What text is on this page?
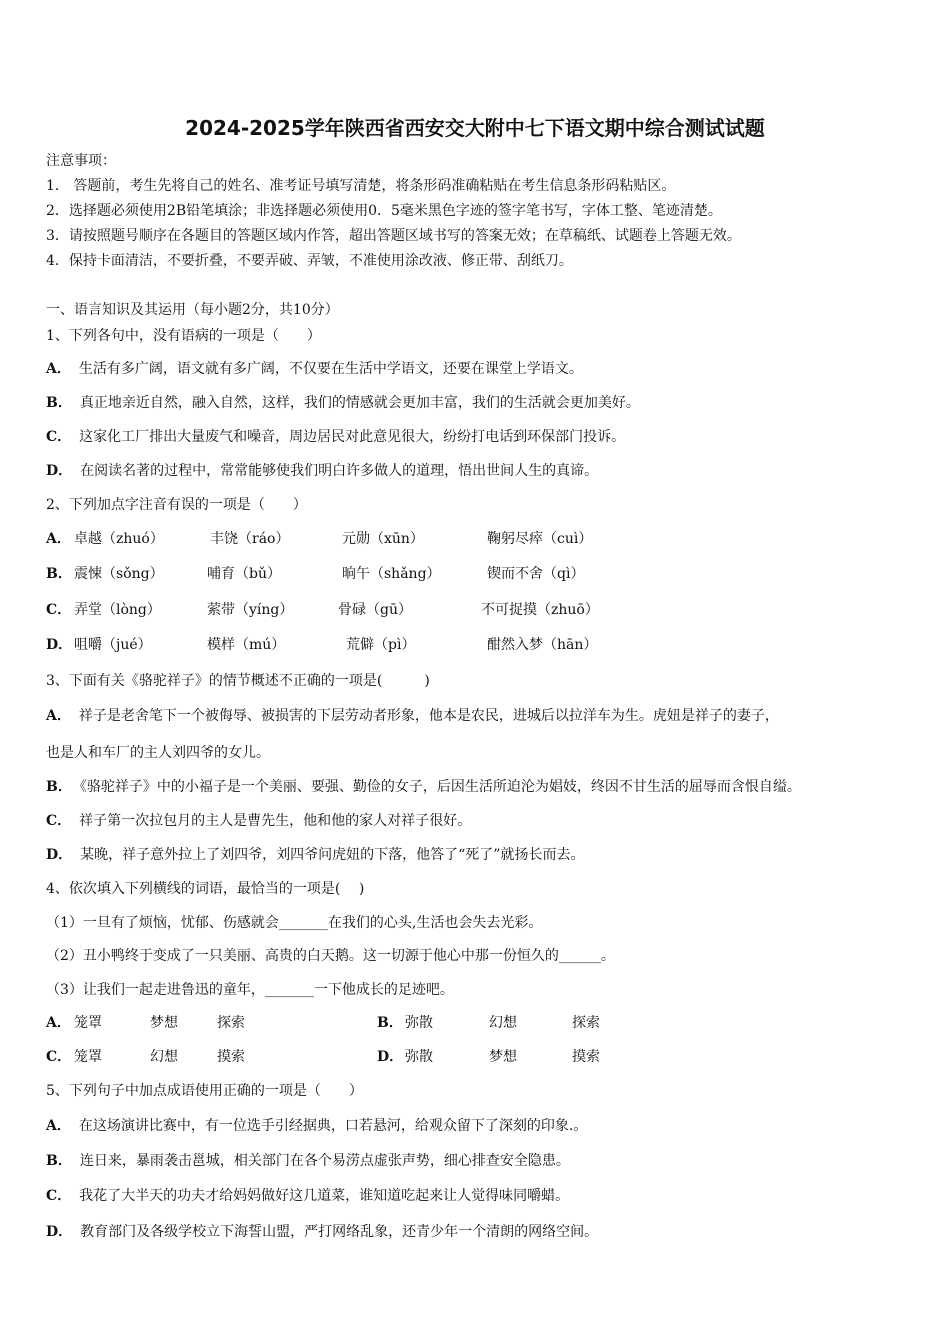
2024-2025学年陕西省西安交大附中七下语文期中综合测试试题
注意事项：
1． 答题前，考生先将自己的姓名、准考证号填写清楚，将条形码准确粘贴在考生信息条形码粘贴区。
2．选择题必须使用2B铅笔填涂；非选择题必须使用0．5毫米黑色字迹的签字笔书写，字体工整、笔迹清楚。
3．请按照题号顺序在各题目的答题区域内作答，超出答题区域书写的答案无效；在草稿纸、试题卷上答题无效。
4．保持卡面清洁，不要折叠，不要弄破、弄皱，不准使用涂改液、修正带、刮纸刀。
一、语言知识及其运用（每小题2分，共10分）
1、下列各句中，没有语病的一项是（　　）
A． 生活有多广阔，语文就有多广阔，不仅要在生活中学语文，还要在课堂上学语文。
B． 真正地亲近自然，融入自然，这样，我们的情感就会更加丰富，我们的生活就会更加美好。
C． 这家化工厂排出大量废气和噪音，周边居民对此意见很大，纷纷打电话到环保部门投诉。
D． 在阅读名著的过程中，常常能够使我们明白许多做人的道理，悟出世间人生的真谛。
2、下列加点字注音有误的一项是（　　）
A． 卓越（zhuó）	丰饶（ráo）	元勋（xūn）	鞠躬尽瘁（cuì）
B． 震悚（sǒng）	哺育（bǔ）	晌午（shǎng）	锲而不舍（qì）
C． 弄堂（lòng）	萦带（yíng）	骨碌（gū）	不可捉摸（zhuō）
D． 咀嚼（jué）	模样（mú）	荒僻（pì）	酣然入梦（hān）
3、下面有关《骆驼祥子》的情节概述不正确的一项是(　　　)
A． 祥子是老舍笔下一个被侮辱、被损害的下层劳动者形象，他本是农民，进城后以拉洋车为生。虎妞是祥子的妻子，
也是人和车厂的主人刘四爷的女儿。
B． 《骆驼祥子》中的小福子是一个美丽、要强、勤俭的女子，后因生活所迫沦为娼妓，终因不甘生活的屈辱而含恨自缢。
C． 祥子第一次拉包月的主人是曹先生，他和他的家人对祥子很好。
D． 某晚，祥子意外拉上了刘四爷，刘四爷问虎妞的下落，他答了“死了”就扬长而去。
4、依次填入下列横线的词语，最恰当的一项是(　 )
（1）一旦有了烦恼，忧郁、伤感就会_______在我们的心头,生活也会失去光彩。
（2）丑小鸭终于变成了一只美丽、高贵的白天鹅。这一切源于他心中那一份恒久的______。
（3）让我们一起走进鲁迅的童年，_______一下他成长的足迹吧。
A． 笼罩	梦想	探索	B． 弥散	幻想	探索
C． 笼罩	幻想	摸索	D． 弥散	梦想	摸索
5、下列句子中加点成语使用正确的一项是（　　）
A． 在这场演讲比赛中，有一位选手引经据典，口若悬河，给观众留下了深刻的印象.。
B． 连日来，暴雨袭击邕城，相关部门在各个易涝点虚张声势，细心排查安全隐患。
C． 我花了大半天的功夫才给妈妈做好这几道菜，谁知道吃起来让人觉得味同嚼蜡。
D． 教育部门及各级学校立下海誓山盟，严打网络乱象，还青少年一个清朗的网络空间。
